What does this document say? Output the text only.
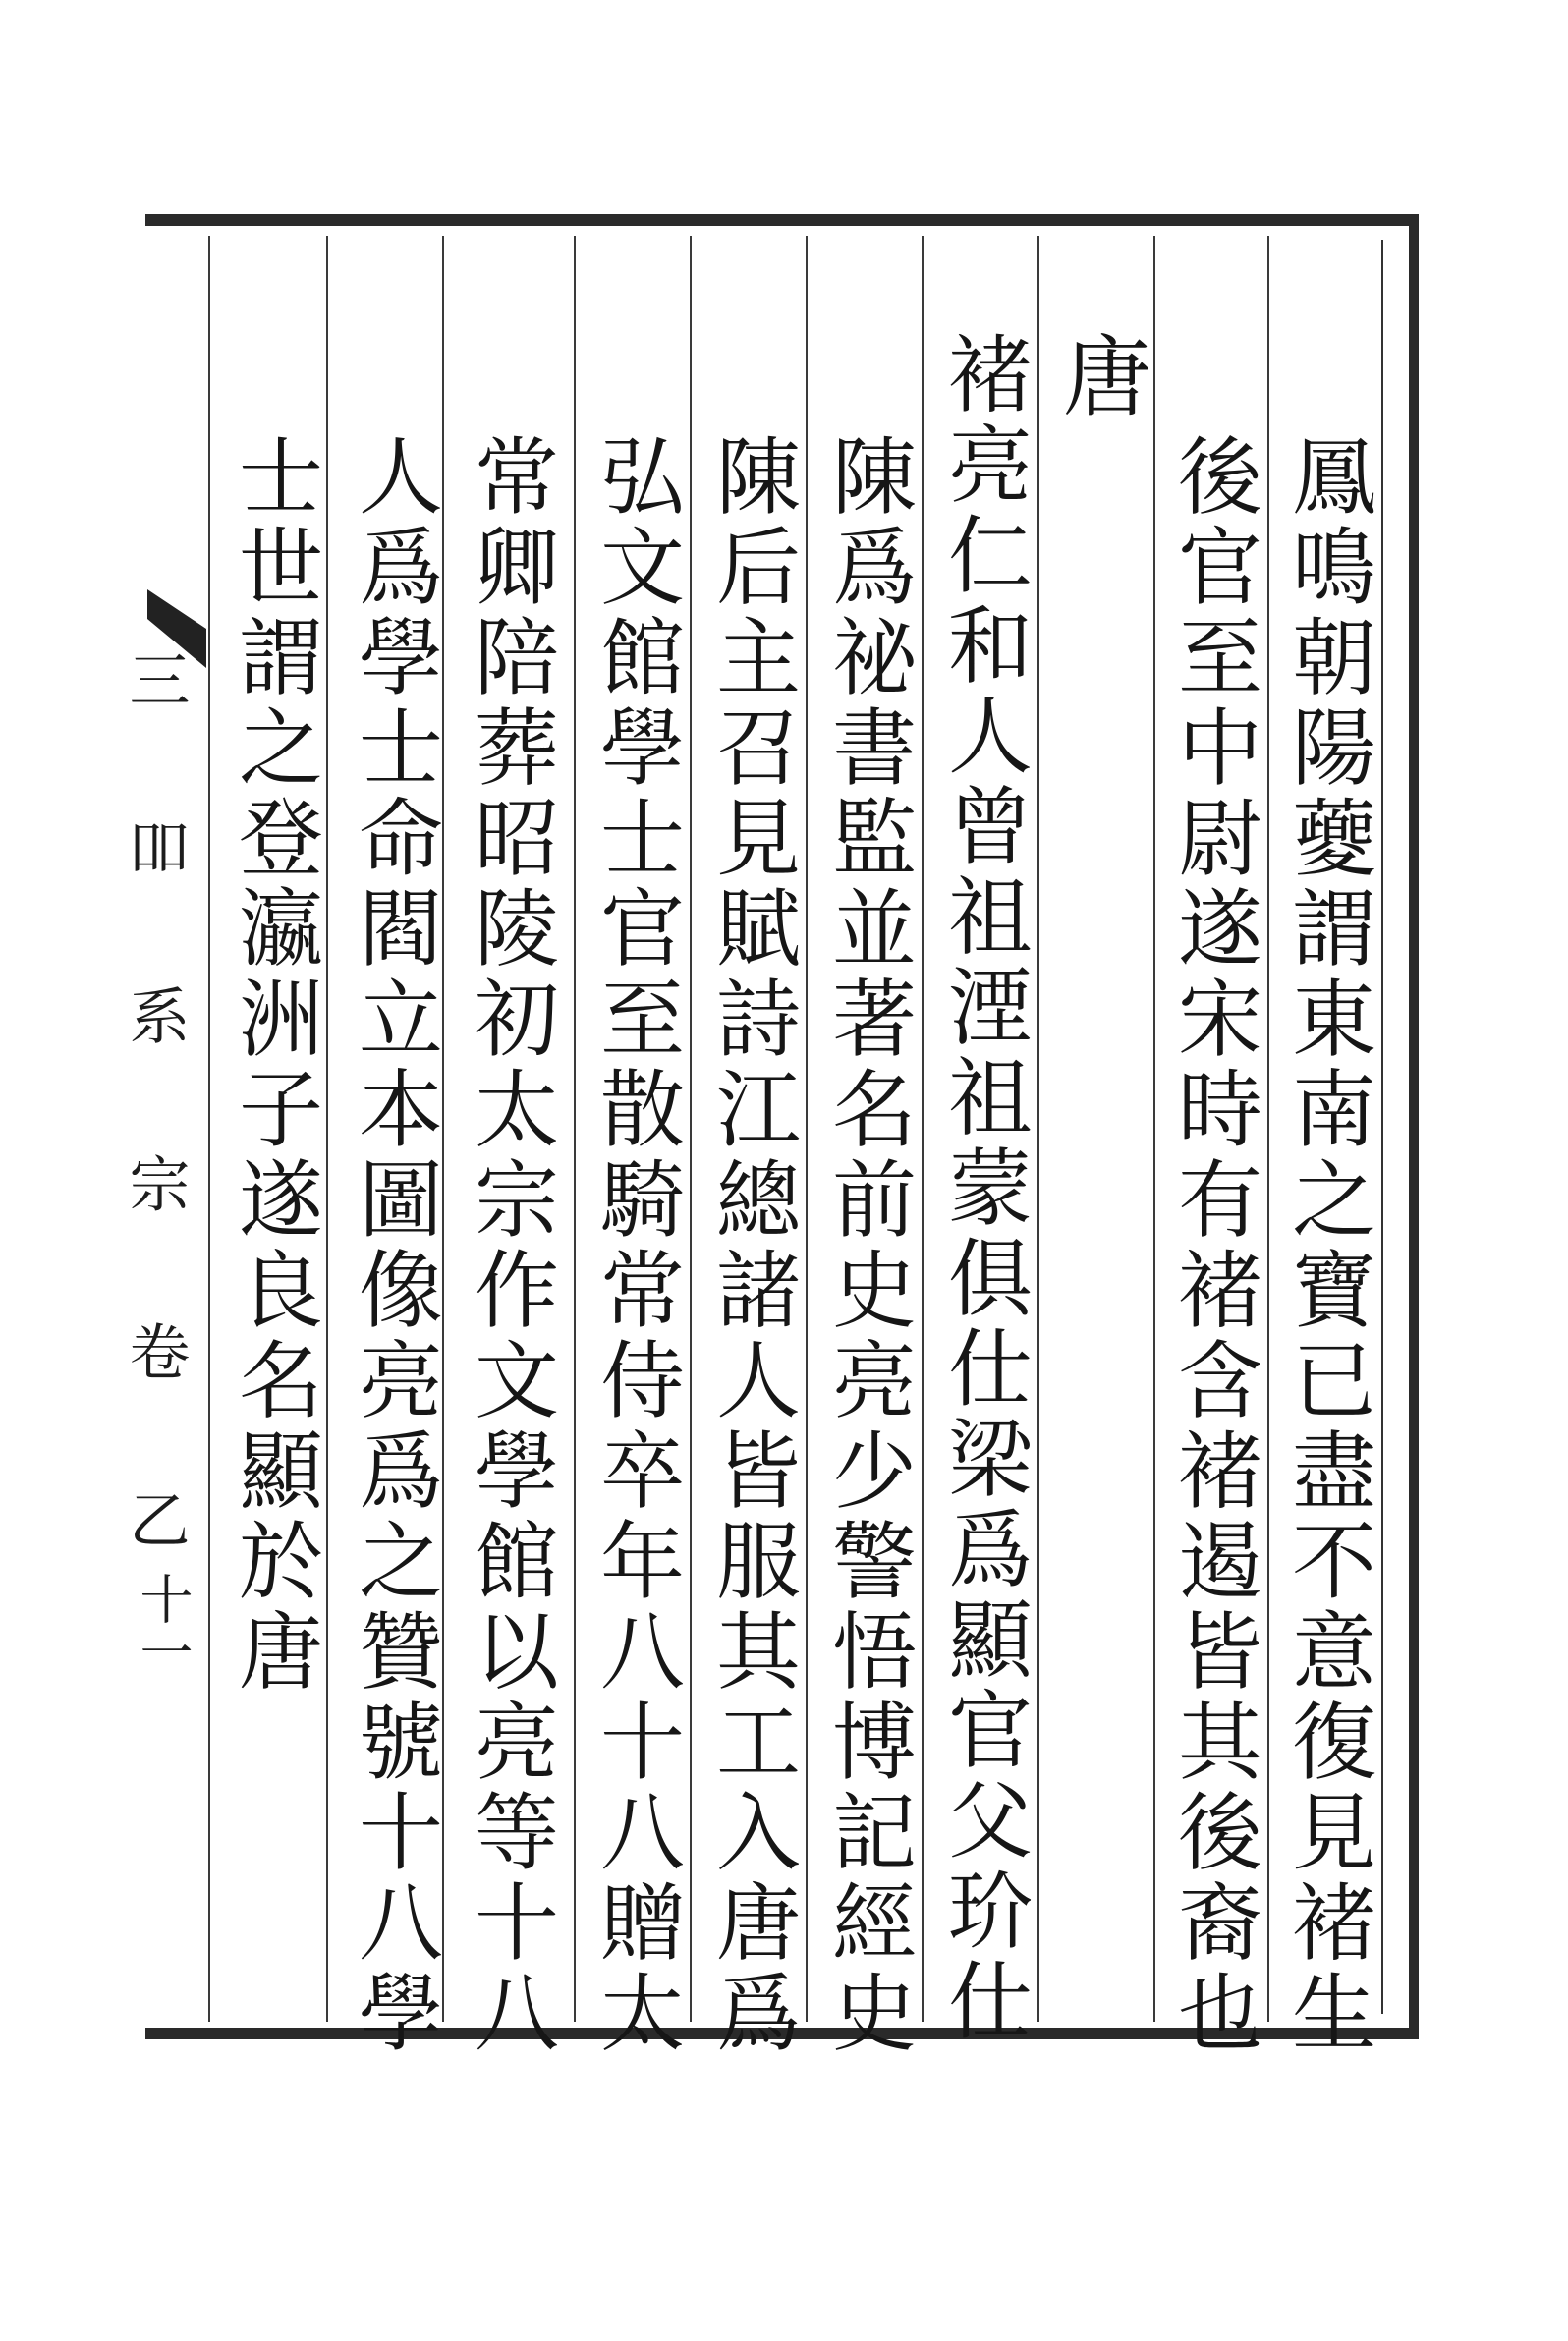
三 吅 系 宗 卷 乙
十一	鳳鳴朝陽䕫謂東南之寶已盡不意復見褚生
後官至中尉遂宋時有褚含褚遏皆其後裔也
唐
褚亮仁和人曾祖湮祖蒙俱仕梁爲顯官父玠仕
陳爲祕書監並著名前史亮少警悟博記經史
陳后主召見賦詩江總諸人皆服其工入唐爲
弘文館學士官至散騎常侍卒年八十八贈太
常卿陪葬昭陵初太宗作文學館以亮等十八
人爲學士命閻立本圖像亮爲之贊號十八學
士世謂之登瀛洲子遂良名顯於唐
